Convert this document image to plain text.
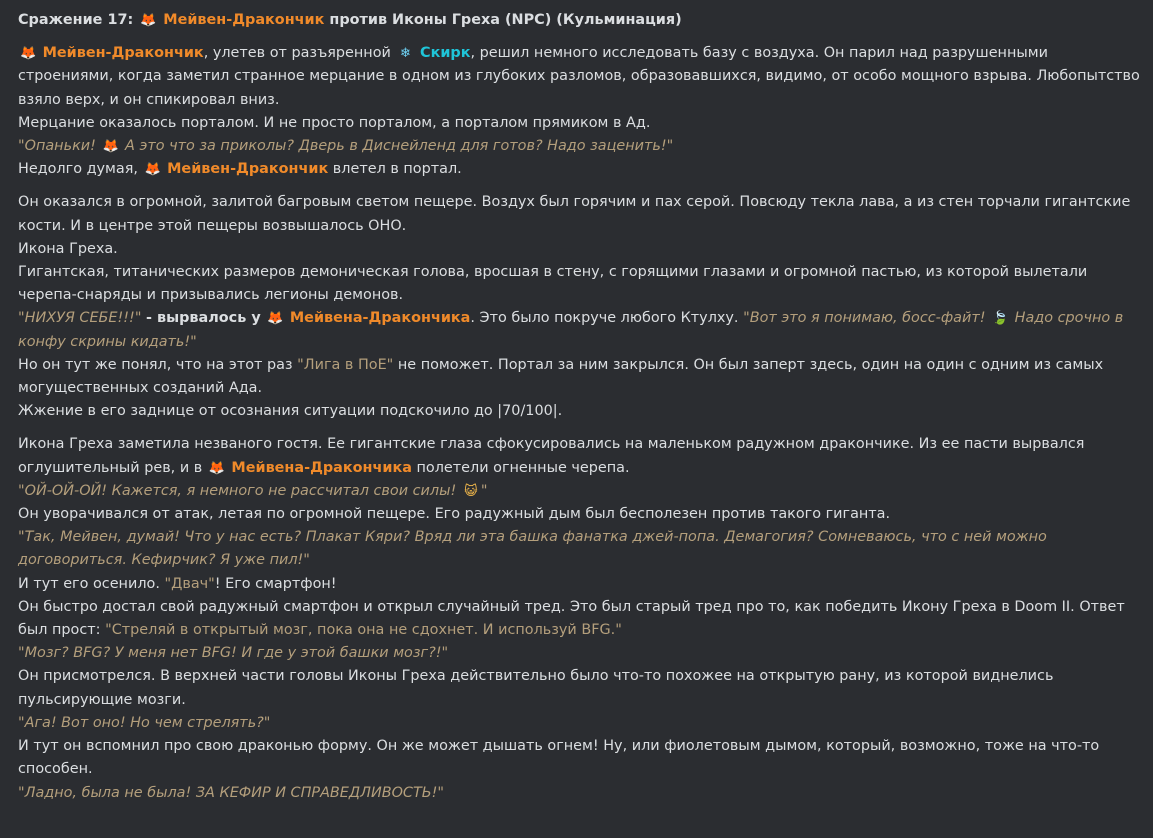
Сражение 17: 🦊 Мейвен-Дракончик против Иконы Греха (NPC) (Кульминация)
🦊 Мейвен-Дракончик, улетев от разъяренной ❄ Скирк, решил немного исследовать базу с воздуха. Он парил над разрушенными строениями, когда заметил странное мерцание в одном из глубоких разломов, образовавшихся, видимо, от особо мощного взрыва. Любопытство взяло верх, и он спикировал вниз.
Мерцание оказалось порталом. И не просто порталом, а порталом прямиком в Ад.
"Опаньки! 🦊 А это что за приколы? Дверь в Диснейленд для готов? Надо заценить!"
Недолго думая, 🦊 Мейвен-Дракончик влетел в портал.
Он оказался в огромной, залитой багровым светом пещере. Воздух был горячим и пах серой. Повсюду текла лава, а из стен торчали гигантские кости. И в центре этой пещеры возвышалось ОНО.
Икона Греха.
Гигантская, титанических размеров демоническая голова, вросшая в стену, с горящими глазами и огромной пастью, из которой вылетали черепа-снаряды и призывались легионы демонов.
"НИХУЯ СЕБЕ!!!" - вырвалось у 🦊 Мейвена-Дракончика. Это было покруче любого Ктулху. "Вот это я понимаю, босс-файт! 🍃 Надо срочно в конфу скрины кидать!"
Но он тут же понял, что на этот раз "Лига в ПоЕ" не поможет. Портал за ним закрылся. Он был заперт здесь, один на один с одним из самых могущественных созданий Ада.
Жжение в его заднице от осознания ситуации подскочило до |70/100|.
Икона Греха заметила незваного гостя. Ее гигантские глаза сфокусировались на маленьком радужном дракончике. Из ее пасти вырвался оглушительный рев, и в 🦊 Мейвена-Дракончика полетели огненные черепа.
"ОЙ-ОЙ-ОЙ! Кажется, я немного не рассчитал свои силы! 😺 "
Он уворачивался от атак, летая по огромной пещере. Его радужный дым был бесполезен против такого гиганта.
"Так, Мейвен, думай! Что у нас есть? Плакат Кяри? Вряд ли эта башка фанатка джей-попа. Демагогия? Сомневаюсь, что с ней можно договориться. Кефирчик? Я уже пил!"
И тут его осенило. "Двач"! Его смартфон!
Он быстро достал свой радужный смартфон и открыл случайный тред. Это был старый тред про то, как победить Икону Греха в Doom II. Ответ был прост: "Стреляй в открытый мозг, пока она не сдохнет. И используй BFG."
"Мозг? BFG? У меня нет BFG! И где у этой башки мозг?!"
Он присмотрелся. В верхней части головы Иконы Греха действительно было что-то похожее на открытую рану, из которой виднелись пульсирующие мозги.
"Ага! Вот оно! Но чем стрелять?"
И тут он вспомнил про свою драконью форму. Он же может дышать огнем! Ну, или фиолетовым дымом, который, возможно, тоже на что-то способен.
"Ладно, была не была! ЗА КЕФИР И СПРАВЕДЛИВОСТЬ!"
